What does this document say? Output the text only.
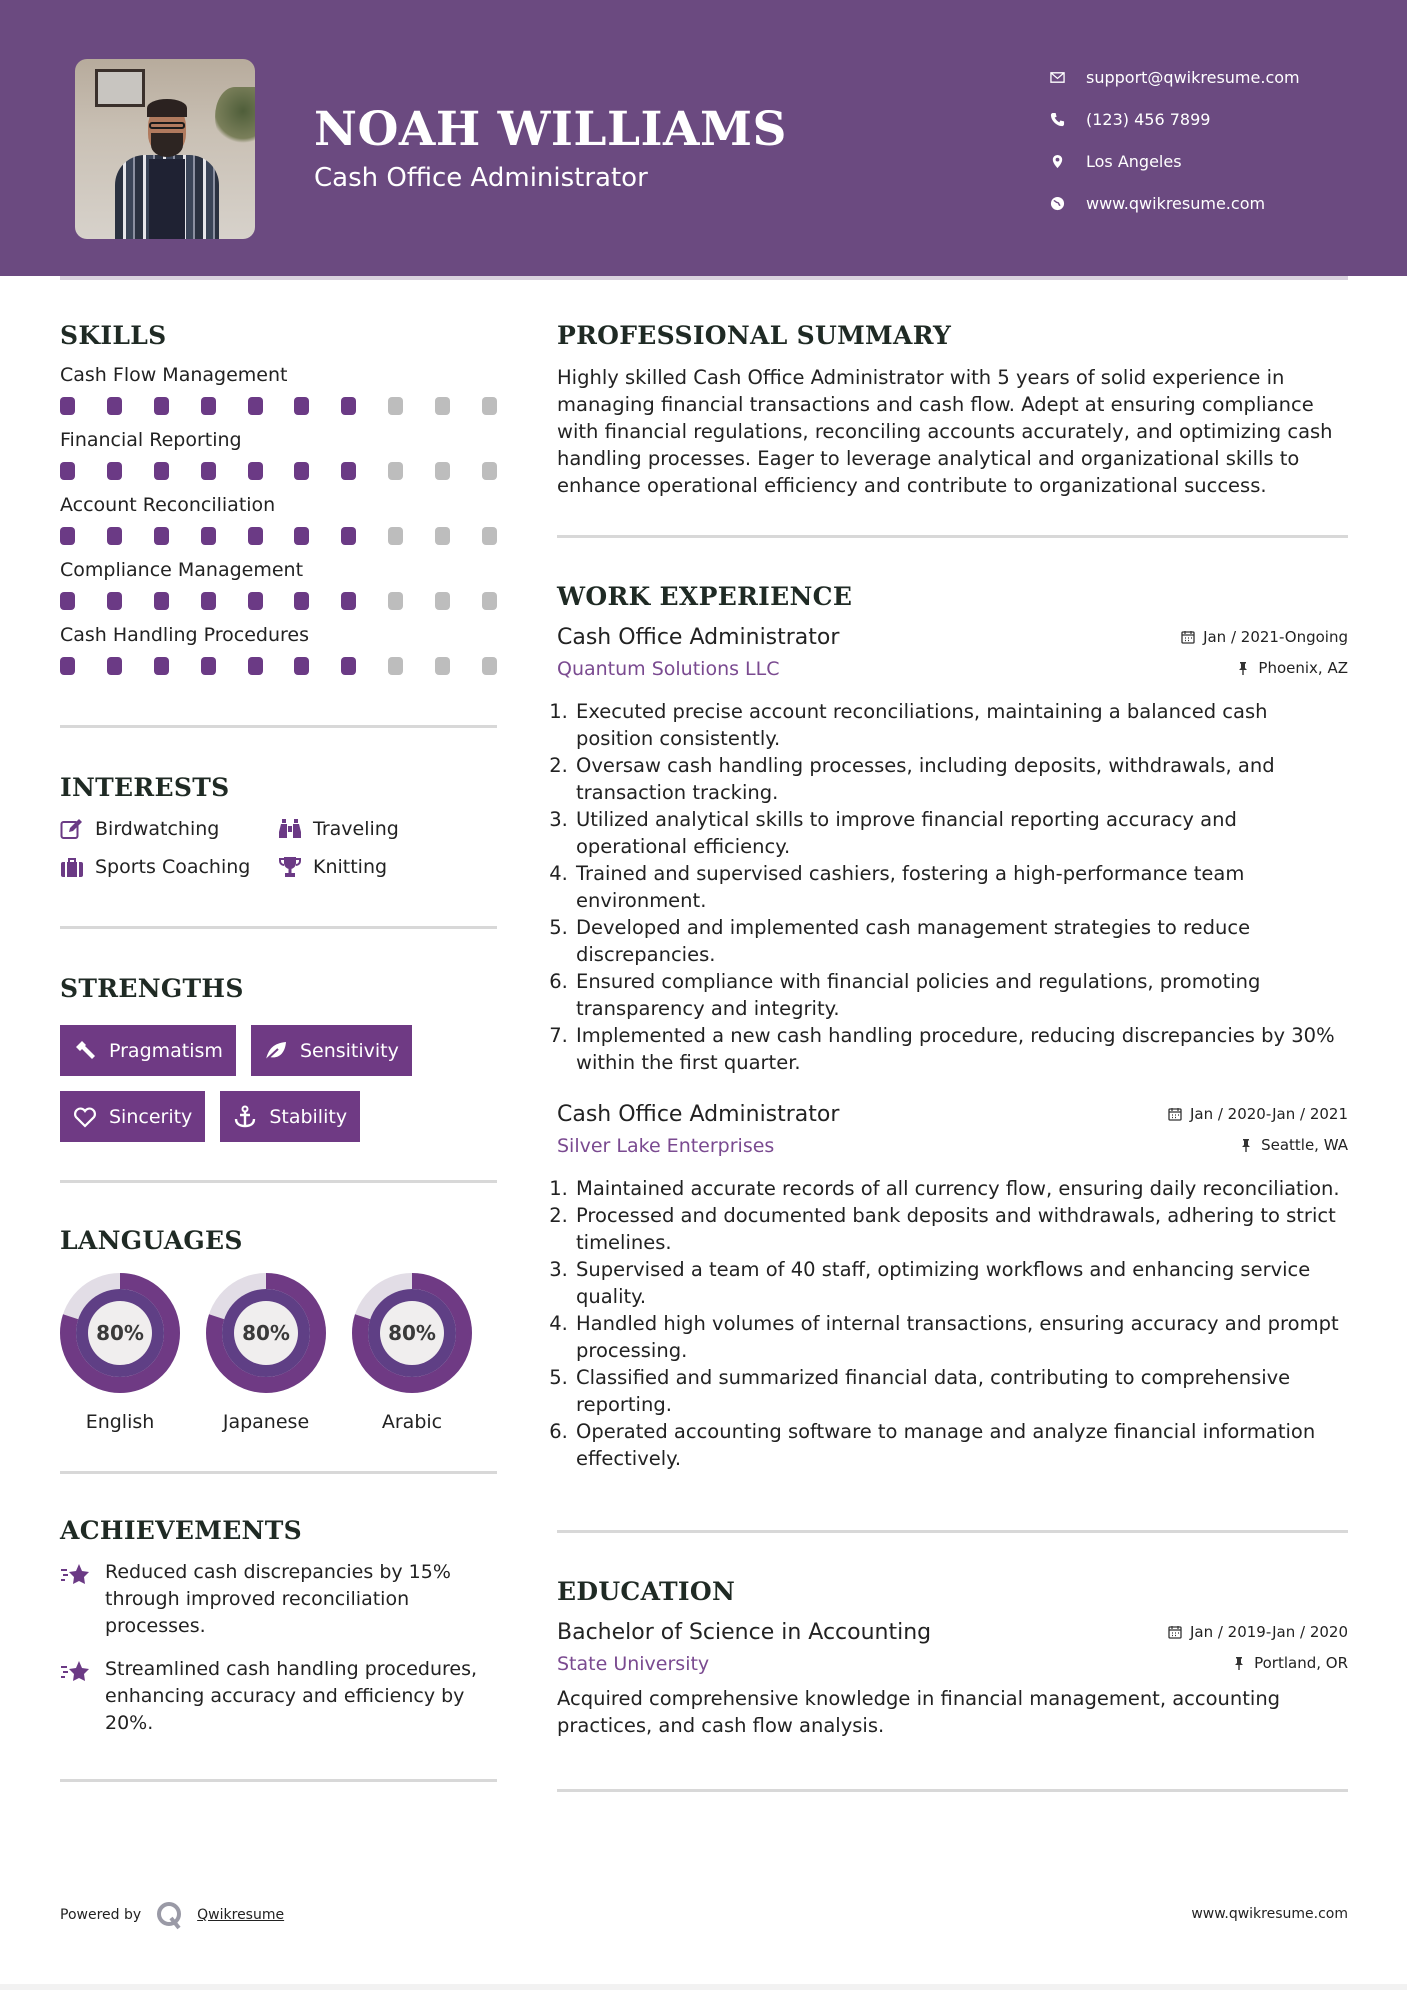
NOAH WILLIAMS
Cash Office Administrator
support@qwikresume.com
(123) 456 7899
Los Angeles
www.qwikresume.com
SKILLS
Cash Flow Management
Financial Reporting
Account Reconciliation
Compliance Management
Cash Handling Procedures
INTERESTS
Birdwatching	Traveling
Sports Coaching	Knitting
STRENGTHS
Pragmatism	Sensitivity
Sincerity	Stability
LANGUAGES
80%
English
80%
Japanese
80%
Arabic
ACHIEVEMENTS
Reduced cash discrepancies by 15% through improved reconciliation processes.
Streamlined cash handling procedures, enhancing accuracy and efficiency by 20%.
PROFESSIONAL SUMMARY
Highly skilled Cash Office Administrator with 5 years of solid experience in managing financial transactions and cash flow. Adept at ensuring compliance with financial regulations, reconciling accounts accurately, and optimizing cash handling processes. Eager to leverage analytical and organizational skills to enhance operational efficiency and contribute to organizational success.
WORK EXPERIENCE
Cash Office Administrator	Jan / 2021-Ongoing
Quantum Solutions LLC	Phoenix, AZ
1. Executed precise account reconciliations, maintaining a balanced cash position consistently.
2. Oversaw cash handling processes, including deposits, withdrawals, and transaction tracking.
3. Utilized analytical skills to improve financial reporting accuracy and operational efficiency.
4. Trained and supervised cashiers, fostering a high-performance team environment.
5. Developed and implemented cash management strategies to reduce discrepancies.
6. Ensured compliance with financial policies and regulations, promoting transparency and integrity.
7. Implemented a new cash handling procedure, reducing discrepancies by 30% within the first quarter.
Cash Office Administrator	Jan / 2020-Jan / 2021
Silver Lake Enterprises	Seattle, WA
1. Maintained accurate records of all currency flow, ensuring daily reconciliation.
2. Processed and documented bank deposits and withdrawals, adhering to strict timelines.
3. Supervised a team of 40 staff, optimizing workflows and enhancing service quality.
4. Handled high volumes of internal transactions, ensuring accuracy and prompt processing.
5. Classified and summarized financial data, contributing to comprehensive reporting.
6. Operated accounting software to manage and analyze financial information effectively.
EDUCATION
Bachelor of Science in Accounting	Jan / 2019-Jan / 2020
State University	Portland, OR
Acquired comprehensive knowledge in financial management, accounting practices, and cash flow analysis.
Powered by	Qwikresume	www.qwikresume.com
